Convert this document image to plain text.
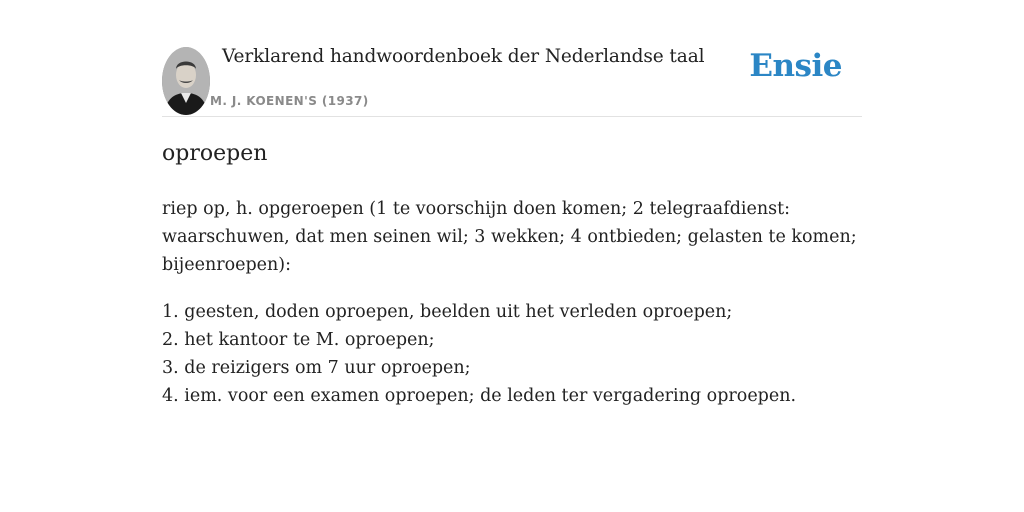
Verklarend handwoordenboek der Nederlandse taal
M. J. KOENEN'S (1937)
Ensie
oproepen

riep op, h. opgeroepen (1 te voorschijn doen komen; 2 telegraafdienst: waarschuwen, dat men seinen wil; 3 wekken; 4 ontbieden; gelasten te komen; bijeenroepen):

1. geesten, doden oproepen, beelden uit het verleden oproepen;
2. het kantoor te M. oproepen;
3. de reizigers om 7 uur oproepen;
4. iem. voor een examen oproepen; de leden ter vergadering oproepen.
